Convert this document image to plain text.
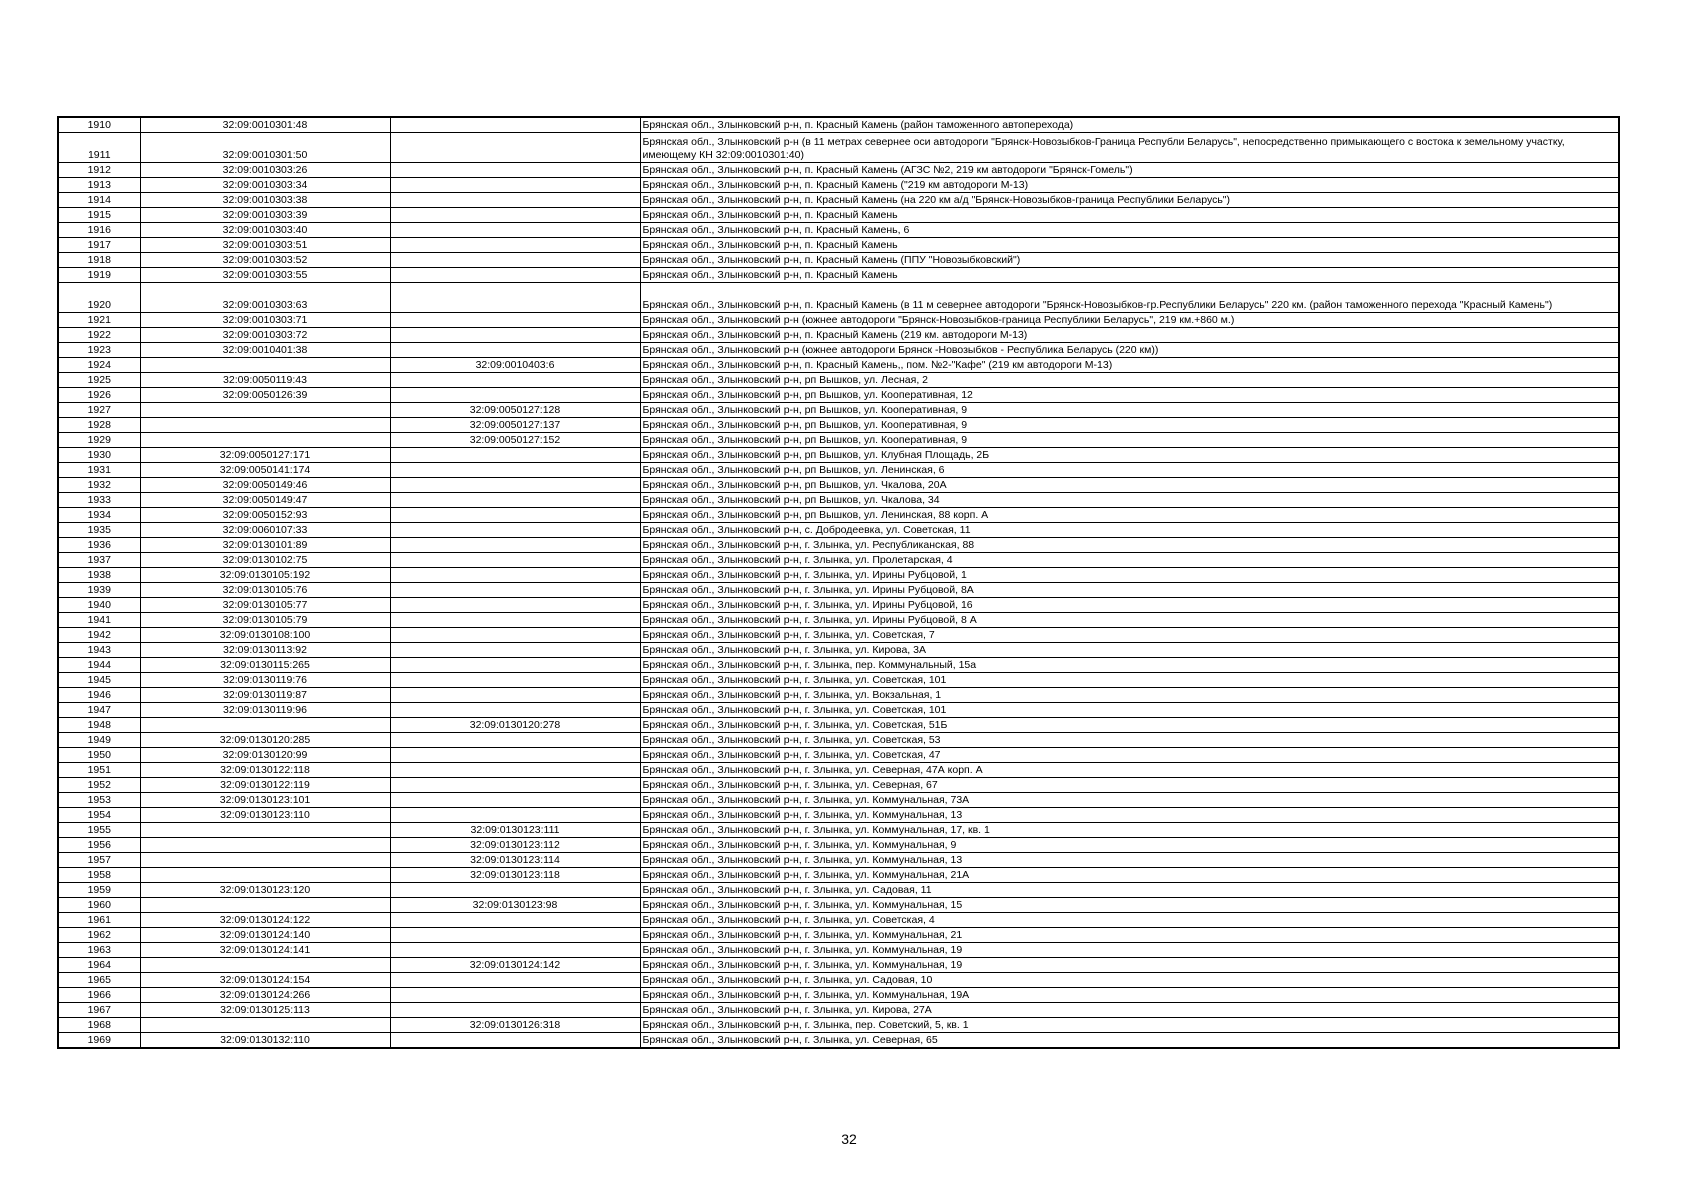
1910	32:09:0010301:48		Брянская обл., Злынковский р-н, п. Красный Камень (район таможенного автоперехода)
1911	32:09:0010301:50		Брянская обл., Злынковский р-н (в 11 метрах севернее оси автодороги "Брянск-Новозыбков-Граница Республи Беларусь", непосредственно примыкающего с востока к земельному участку, имеющему КН 32:09:0010301:40)
1912	32:09:0010303:26		Брянская обл., Злынковский р-н, п. Красный Камень (АГЗС №2, 219 км автодороги "Брянск-Гомель")
1913	32:09:0010303:34		Брянская обл., Злынковский р-н, п. Красный Камень ("219 км автодороги М-13)
1914	32:09:0010303:38		Брянская обл., Злынковский р-н, п. Красный Камень (на 220 км а/д "Брянск-Новозыбков-граница Республики Беларусь")
1915	32:09:0010303:39		Брянская обл., Злынковский р-н, п. Красный Камень
1916	32:09:0010303:40		Брянская обл., Злынковский р-н, п. Красный Камень, 6
1917	32:09:0010303:51		Брянская обл., Злынковский р-н, п. Красный Камень
1918	32:09:0010303:52		Брянская обл., Злынковский р-н, п. Красный Камень (ППУ "Новозыбковский")
1919	32:09:0010303:55		Брянская обл., Злынковский р-н, п. Красный Камень
1920	32:09:0010303:63		Брянская обл., Злынковский р-н, п. Красный Камень (в 11 м севернее автодороги "Брянск-Новозыбков-гр.Республики Беларусь" 220 км. (район таможенного перехода "Красный Камень")
1921	32:09:0010303:71		Брянская обл., Злынковский р-н (южнее автодороги "Брянск-Новозыбков-граница Республики Беларусь", 219 км.+860 м.)
1922	32:09:0010303:72		Брянская обл., Злынковский р-н, п. Красный Камень (219 км. автодороги М-13)
1923	32:09:0010401:38		Брянская обл., Злынковский р-н (южнее автодороги Брянск -Новозыбков - Республика Беларусь (220 км))
1924		32:09:0010403:6	Брянская обл., Злынковский р-н, п. Красный Камень,, пом. №2-"Кафе" (219 км автодороги М-13)
1925	32:09:0050119:43		Брянская обл., Злынковский р-н, рп Вышков, ул. Лесная, 2
1926	32:09:0050126:39		Брянская обл., Злынковский р-н, рп Вышков, ул. Кооперативная, 12
1927		32:09:0050127:128	Брянская обл., Злынковский р-н, рп Вышков, ул. Кооперативная, 9
1928		32:09:0050127:137	Брянская обл., Злынковский р-н, рп Вышков, ул. Кооперативная, 9
1929		32:09:0050127:152	Брянская обл., Злынковский р-н, рп Вышков, ул. Кооперативная, 9
1930	32:09:0050127:171		Брянская обл., Злынковский р-н, рп Вышков, ул. Клубная Площадь, 2Б
1931	32:09:0050141:174		Брянская обл., Злынковский р-н, рп Вышков, ул. Ленинская, 6
1932	32:09:0050149:46		Брянская обл., Злынковский р-н, рп Вышков, ул. Чкалова, 20А
1933	32:09:0050149:47		Брянская обл., Злынковский р-н, рп Вышков, ул. Чкалова, 34
1934	32:09:0050152:93		Брянская обл., Злынковский р-н, рп Вышков, ул. Ленинская, 88 корп. А
1935	32:09:0060107:33		Брянская обл., Злынковский р-н, с. Добродеевка, ул. Советская, 11
1936	32:09:0130101:89		Брянская обл., Злынковский р-н, г. Злынка, ул. Республиканская, 88
1937	32:09:0130102:75		Брянская обл., Злынковский р-н, г. Злынка, ул. Пролетарская, 4
1938	32:09:0130105:192		Брянская обл., Злынковский р-н, г. Злынка, ул. Ирины Рубцовой, 1
1939	32:09:0130105:76		Брянская обл., Злынковский р-н, г. Злынка, ул. Ирины Рубцовой, 8А
1940	32:09:0130105:77		Брянская обл., Злынковский р-н, г. Злынка, ул. Ирины Рубцовой, 16
1941	32:09:0130105:79		Брянская обл., Злынковский р-н, г. Злынка, ул. Ирины Рубцовой, 8 А
1942	32:09:0130108:100		Брянская обл., Злынковский р-н, г. Злынка, ул. Советская, 7
1943	32:09:0130113:92		Брянская обл., Злынковский р-н, г. Злынка, ул. Кирова, 3А
1944	32:09:0130115:265		Брянская обл., Злынковский р-н, г. Злынка, пер. Коммунальный, 15а
1945	32:09:0130119:76		Брянская обл., Злынковский р-н, г. Злынка, ул. Советская, 101
1946	32:09:0130119:87		Брянская обл., Злынковский р-н, г. Злынка, ул. Вокзальная, 1
1947	32:09:0130119:96		Брянская обл., Злынковский р-н, г. Злынка, ул. Советская, 101
1948		32:09:0130120:278	Брянская обл., Злынковский р-н, г. Злынка, ул. Советская, 51Б
1949	32:09:0130120:285		Брянская обл., Злынковский р-н, г. Злынка, ул. Советская, 53
1950	32:09:0130120:99		Брянская обл., Злынковский р-н, г. Злынка, ул. Советская, 47
1951	32:09:0130122:118		Брянская обл., Злынковский р-н, г. Злынка, ул. Северная, 47А корп. А
1952	32:09:0130122:119		Брянская обл., Злынковский р-н, г. Злынка, ул. Северная, 67
1953	32:09:0130123:101		Брянская обл., Злынковский р-н, г. Злынка, ул. Коммунальная, 73А
1954	32:09:0130123:110		Брянская обл., Злынковский р-н, г. Злынка, ул. Коммунальная, 13
1955		32:09:0130123:111	Брянская обл., Злынковский р-н, г. Злынка, ул. Коммунальная, 17, кв. 1
1956		32:09:0130123:112	Брянская обл., Злынковский р-н, г. Злынка, ул. Коммунальная, 9
1957		32:09:0130123:114	Брянская обл., Злынковский р-н, г. Злынка, ул. Коммунальная, 13
1958		32:09:0130123:118	Брянская обл., Злынковский р-н, г. Злынка, ул. Коммунальная, 21А
1959	32:09:0130123:120		Брянская обл., Злынковский р-н, г. Злынка, ул. Садовая, 11
1960		32:09:0130123:98	Брянская обл., Злынковский р-н, г. Злынка, ул. Коммунальная, 15
1961	32:09:0130124:122		Брянская обл., Злынковский р-н, г. Злынка, ул. Советская, 4
1962	32:09:0130124:140		Брянская обл., Злынковский р-н, г. Злынка, ул. Коммунальная, 21
1963	32:09:0130124:141		Брянская обл., Злынковский р-н, г. Злынка, ул. Коммунальная, 19
1964		32:09:0130124:142	Брянская обл., Злынковский р-н, г. Злынка, ул. Коммунальная, 19
1965	32:09:0130124:154		Брянская обл., Злынковский р-н, г. Злынка, ул. Садовая, 10
1966	32:09:0130124:266		Брянская обл., Злынковский р-н, г. Злынка, ул. Коммунальная, 19А
1967	32:09:0130125:113		Брянская обл., Злынковский р-н, г. Злынка, ул. Кирова, 27А
1968		32:09:0130126:318	Брянская обл., Злынковский р-н, г. Злынка, пер. Советский, 5, кв. 1
1969	32:09:0130132:110		Брянская обл., Злынковский р-н, г. Злынка, ул. Северная, 65
32
